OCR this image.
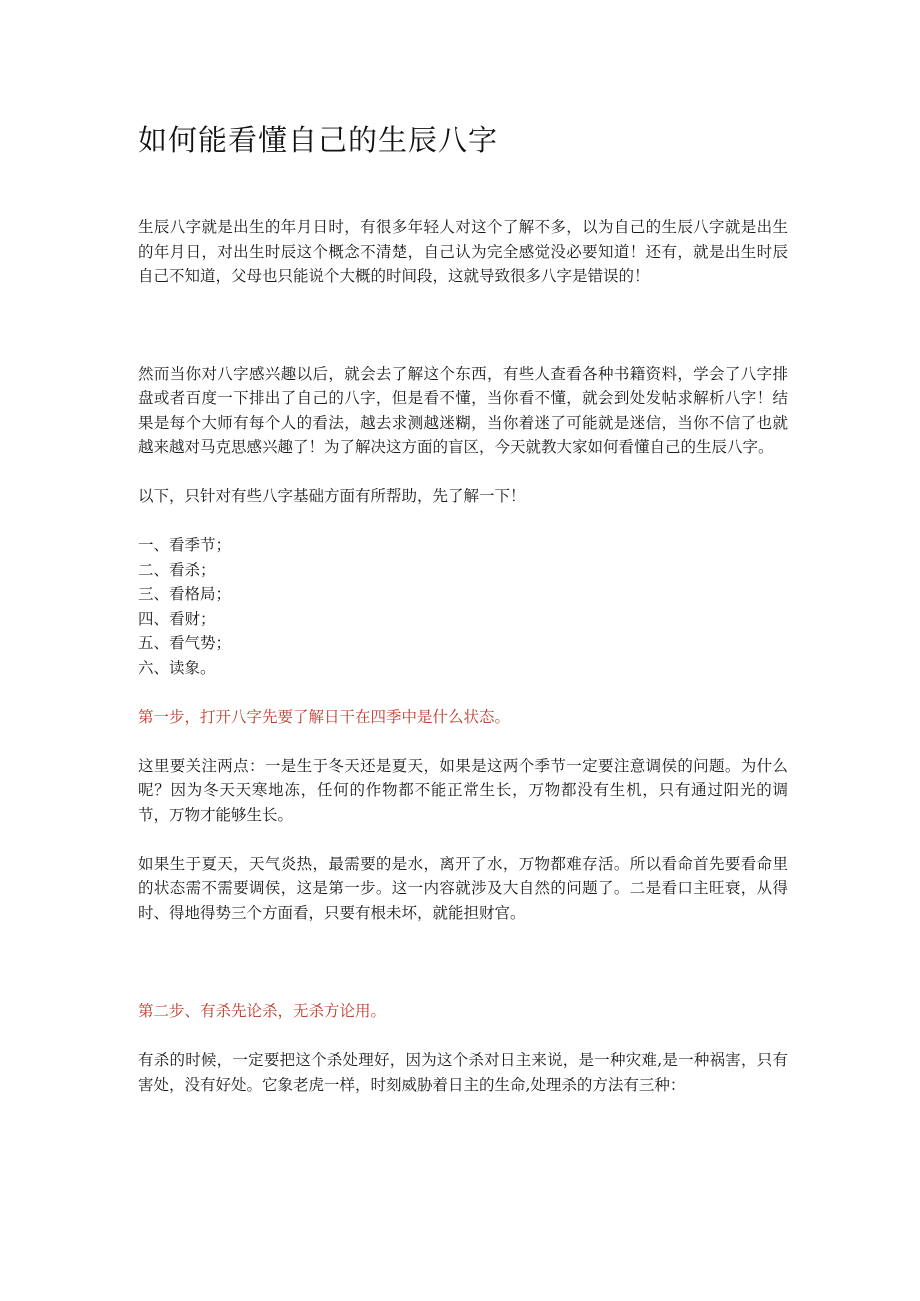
如何能看懂自己的生辰八字

生辰八字就是出生的年月日时，有很多年轻人对这个了解不多，以为自己的生辰八字就是出生的年月日，对出生时辰这个概念不清楚，自己认为完全感觉没必要知道！还有，就是出生时辰自己不知道，父母也只能说个大概的时间段，这就导致很多八字是错误的！

然而当你对八字感兴趣以后，就会去了解这个东西，有些人查看各种书籍资料，学会了八字排盘或者百度一下排出了自己的八字，但是看不懂，当你看不懂，就会到处发帖求解析八字！结果是每个大师有每个人的看法，越去求测越迷糊，当你着迷了可能就是迷信，当你不信了也就越来越对马克思感兴趣了！为了解决这方面的盲区，今天就教大家如何看懂自己的生辰八字。

以下，只针对有些八字基础方面有所帮助，先了解一下！

一、看季节；
二、看杀；
三、看格局；
四、看财；
五、看气势；
六、读象。

第一步，打开八字先要了解日干在四季中是什么状态。

这里要关注两点：一是生于冬天还是夏天，如果是这两个季节一定要注意调侯的问题。为什么呢？因为冬天天寒地冻，任何的作物都不能正常生长，万物都没有生机，只有通过阳光的调节，万物才能够生长。

如果生于夏天，天气炎热，最需要的是水，离开了水，万物都难存活。所以看命首先要看命里的状态需不需要调侯，这是第一步。这一内容就涉及大自然的问题了。二是看口主旺衰，从得时、得地得势三个方面看，只要有根未坏，就能担财官。

第二步、有杀先论杀，无杀方论用。

有杀的时候，一定要把这个杀处理好，因为这个杀对日主来说，是一种灾难,是一种祸害，只有害处，没有好处。它象老虎一样，时刻威胁着日主的生命,处理杀的方法有三种：
